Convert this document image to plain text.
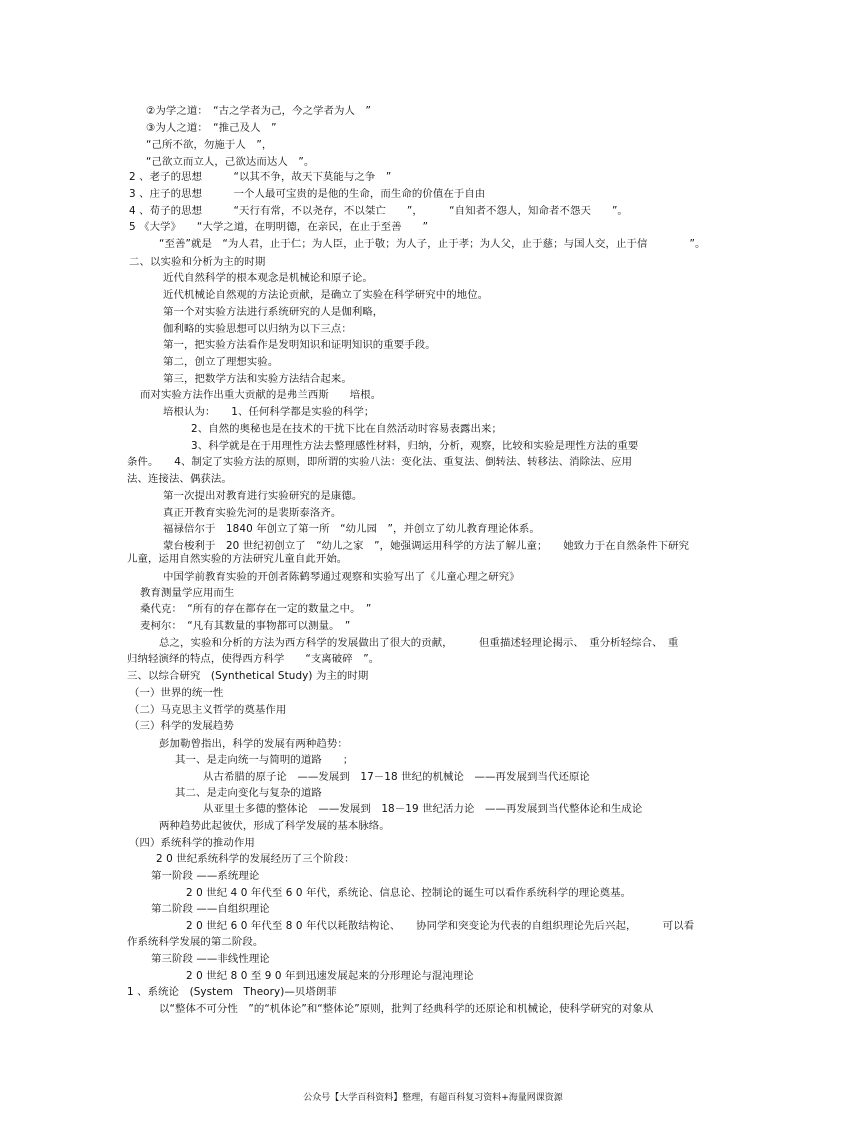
②为学之道：　“古之学者为己，今之学者为人　”
③为人之道：　“推己及人　”
“己所不欲，勿施于人　”，
“己欲立而立人，己欲达而达人　”。
2 、老子的思想　　　“以其不争，故天下莫能与之争　”
3 、庄子的思想　　　一个人最可宝贵的是他的生命，而生命的价值在于自由
4 、荀子的思想　　　“天行有常，不以尧存，不以桀亡　　”，　　　“自知者不怨人，知命者不怨天　　”。
5 《大学》　　“大学之道，在明明德，在亲民，在止于至善　　”
“至善”就是　“为人君，止于仁；为人臣，止于敬；为人子，止于孝；为人父，止于慈；与国人交，止于信　　　　”。
二、以实验和分析为主的时期
近代自然科学的根本观念是机械论和原子论。
近代机械论自然观的方法论贡献，是确立了实验在科学研究中的地位。
第一个对实验方法进行系统研究的人是伽利略，
伽利略的实验思想可以归纳为以下三点：
第一，把实验方法看作是发明知识和证明知识的重要手段。
第二，创立了理想实验。
第三，把数学方法和实验方法结合起来。
而对实验方法作出重大贡献的是弗兰西斯　　培根。
培根认为：　　1、任何科学都是实验的科学；
2、自然的奥秘也是在技术的干扰下比在自然活动时容易表露出来；
3、科学就是在于用理性方法去整理感性材料，归纳，分析，观察，比较和实验是理性方法的重要
条件。　　4、制定了实验方法的原则，即所谓的实验八法：变化法、重复法、倒转法、转移法、消除法、应用
法、连接法、偶获法。
第一次提出对教育进行实验研究的是康德。
真正开教育实验先河的是裴斯泰洛齐。
福禄倍尔于　1840 年创立了第一所　“幼儿园　”，并创立了幼儿教育理论体系。
蒙台梭利于　20 世纪初创立了　“幼儿之家　”，她强调运用科学的方法了解儿童；　　她致力于在自然条件下研究
儿童，运用自然实验的方法研究儿童自此开始。
中国学前教育实验的开创者陈鹤琴通过观察和实验写出了《儿童心理之研究》
教育测量学应用而生
桑代克：　“所有的存在都存在一定的数量之中。　”
麦柯尔：　“凡有其数量的事物都可以测量。　”
总之，实验和分析的方法为西方科学的发展做出了很大的贡献，　　　但重描述轻理论揭示、　重分析轻综合、　重
归纳轻演绎的特点，使得西方科学　　“支离破碎　”。
三、以综合研究　(Synthetical Study) 为主的时期
（一）世界的统一性
（二）马克思主义哲学的奠基作用
（三）科学的发展趋势
彭加勒曾指出，科学的发展有两种趋势：
其一、是走向统一与简明的道路　　；
从古希腊的原子论　——发展到　17－18 世纪的机械论　——再发展到当代还原论
其二、是走向变化与复杂的道路
从亚里士多德的整体论　——发展到　18－19 世纪活力论　——再发展到当代整体论和生成论
两种趋势此起彼伏，形成了科学发展的基本脉络。
（四）系统科学的推动作用
2 0 世纪系统科学的发展经历了三个阶段：
第一阶段 ——系统理论
2 0 世纪 4 0 年代至 6 0 年代，系统论、信息论、控制论的诞生可以看作系统科学的理论奠基。
第二阶段 ——自组织理论
2 0 世纪 6 0 年代至 8 0 年代以耗散结构论、　　协同学和突变论为代表的自组织理论先后兴起，　　　可以看
作系统科学发展的第二阶段。
第三阶段 ——非线性理论
2 0 世纪 8 0 至 9 0 年到迅速发展起来的分形理论与混沌理论
1 、系统论　(System　Theory)—贝塔朗菲
以“整体不可分性　”的“机体论”和“整体论”原则，批判了经典科学的还原论和机械论，使科学研究的对象从
公众号【大学百科资料】整理，有超百科复习资料+海量网课资源
